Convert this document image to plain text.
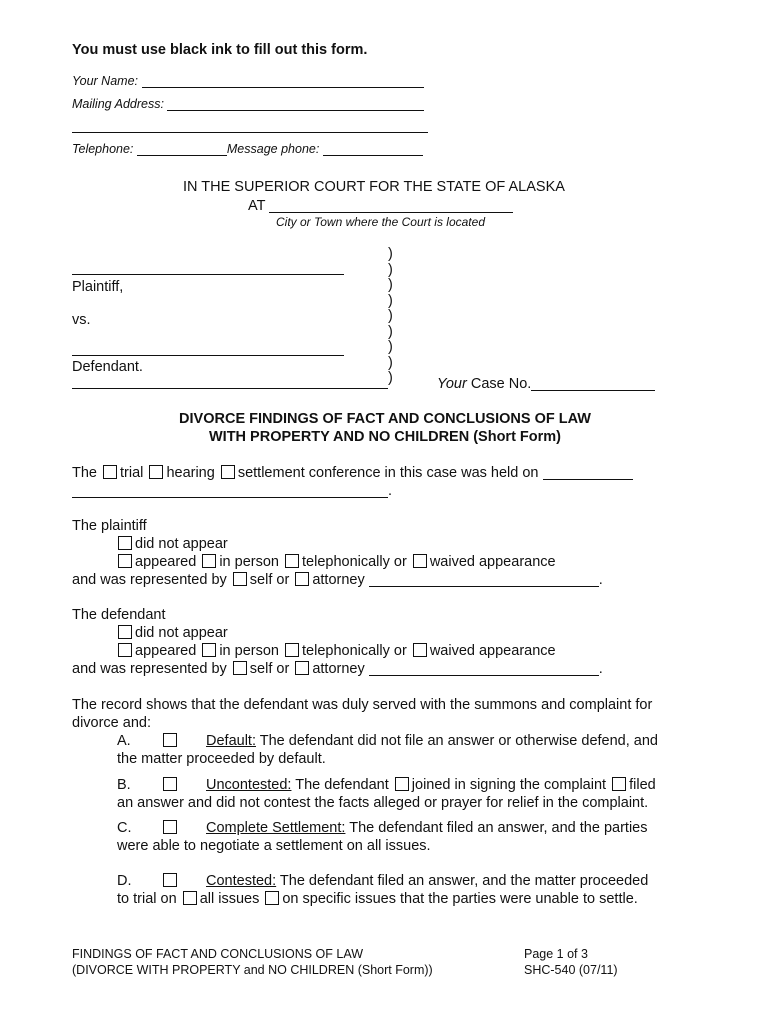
You must use black ink to fill out this form.
Your Name:
Mailing Address:
Telephone:	Message phone:
IN THE SUPERIOR COURT FOR THE STATE OF ALASKA
AT
City or Town where the Court is located
Plaintiff,
vs.
Defendant.
)
)
)
)
)
)
)
)
)	Your Case No.
DIVORCE FINDINGS OF FACT AND CONCLUSIONS OF LAW
WITH PROPERTY AND NO CHILDREN (Short Form)
The trial hearing settlement conference in this case was held on
.
The plaintiff
did not appear
appeared in person telephonically or waived appearance
and was represented by self or attorney	.
The defendant
did not appear
appeared in person telephonically or waived appearance
and was represented by self or attorney	.
The record shows that the defendant was duly served with the summons and complaint for
divorce and:
A.	Default: The defendant did not file an answer or otherwise defend, and
the matter proceeded by default.
B.	Uncontested: The defendant joined in signing the complaint filed
an answer and did not contest the facts alleged or prayer for relief in the complaint.
C.	Complete Settlement: The defendant filed an answer, and the parties
were able to negotiate a settlement on all issues.
D.	Contested: The defendant filed an answer, and the matter proceeded
to trial on all issues on specific issues that the parties were unable to settle.
FINDINGS OF FACT AND CONCLUSIONS OF LAW
(DIVORCE WITH PROPERTY and NO CHILDREN (Short Form))
Page 1 of 3
SHC-540 (07/11)
